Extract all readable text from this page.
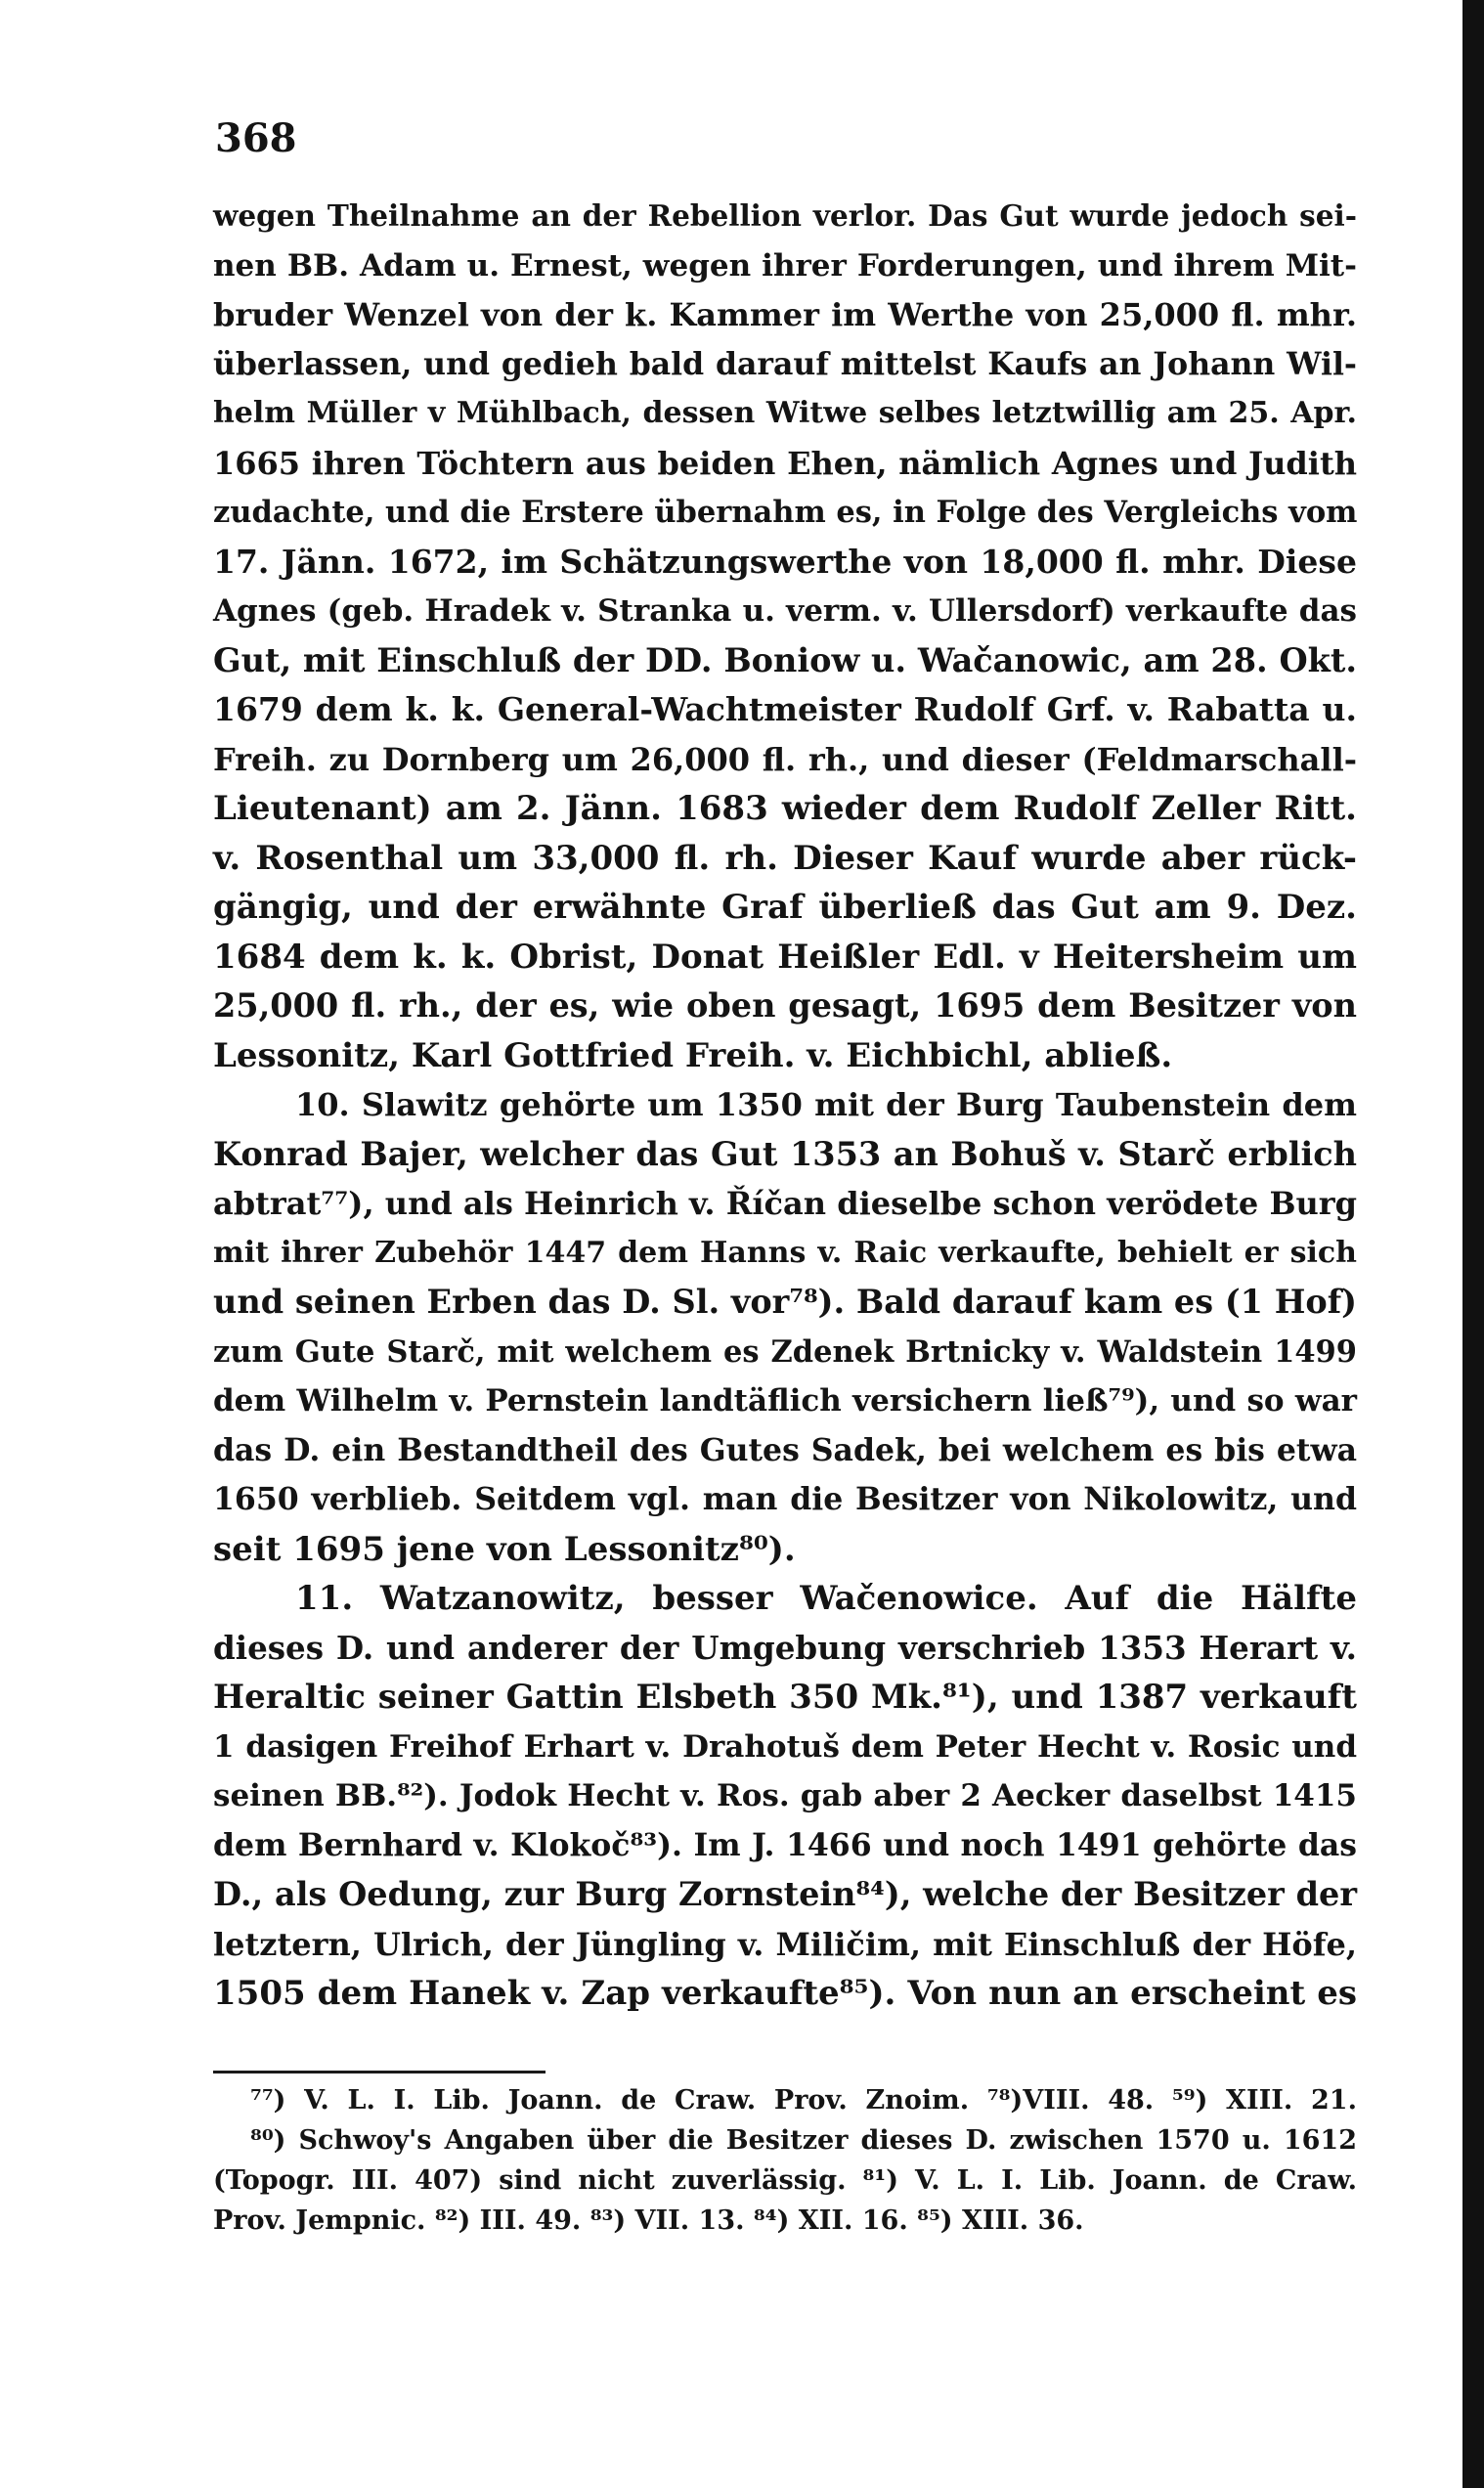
368
wegen Theilnahme an der Rebellion verlor. Das Gut wurde jedoch sei-
nen BB. Adam u. Ernest, wegen ihrer Forderungen, und ihrem Mit-
bruder Wenzel von der k. Kammer im Werthe von 25,000 fl. mhr.
überlassen, und gedieh bald darauf mittelst Kaufs an Johann Wil-
helm Müller v Mühlbach, dessen Witwe selbes letztwillig am 25. Apr.
1665 ihren Töchtern aus beiden Ehen, nämlich Agnes und Judith
zudachte, und die Erstere übernahm es, in Folge des Vergleichs vom
17. Jänn. 1672, im Schätzungswerthe von 18,000 fl. mhr. Diese
Agnes (geb. Hradek v. Stranka u. verm. v. Ullersdorf) verkaufte das
Gut, mit Einschluß der DD. Boniow u. Wačanowic, am 28. Okt.
1679 dem k. k. General-Wachtmeister Rudolf Grf. v. Rabatta u.
Freih. zu Dornberg um 26,000 fl. rh., und dieser (Feldmarschall-
Lieutenant) am 2. Jänn. 1683 wieder dem Rudolf Zeller Ritt.
v. Rosenthal um 33,000 fl. rh. Dieser Kauf wurde aber rück-
gängig, und der erwähnte Graf überließ das Gut am 9. Dez.
1684 dem k. k. Obrist, Donat Heißler Edl. v Heitersheim um
25,000 fl. rh., der es, wie oben gesagt, 1695 dem Besitzer von
Lessonitz, Karl Gottfried Freih. v. Eichbichl, abließ.
10. Slawitz gehörte um 1350 mit der Burg Taubenstein dem
Konrad Bajer, welcher das Gut 1353 an Bohuš v. Starč erblich
abtrat⁷⁷), und als Heinrich v. Říčan dieselbe schon verödete Burg
mit ihrer Zubehör 1447 dem Hanns v. Raic verkaufte, behielt er sich
und seinen Erben das D. Sl. vor⁷⁸). Bald darauf kam es (1 Hof)
zum Gute Starč, mit welchem es Zdenek Brtnicky v. Waldstein 1499
dem Wilhelm v. Pernstein landtäflich versichern ließ⁷⁹), und so war
das D. ein Bestandtheil des Gutes Sadek, bei welchem es bis etwa
1650 verblieb. Seitdem vgl. man die Besitzer von Nikolowitz, und
seit 1695 jene von Lessonitz⁸⁰).
11. Watzanowitz, besser Wačenowice. Auf die Hälfte
dieses D. und anderer der Umgebung verschrieb 1353 Herart v.
Heraltic seiner Gattin Elsbeth 350 Mk.⁸¹), und 1387 verkauft
1 dasigen Freihof Erhart v. Drahotuš dem Peter Hecht v. Rosic und
seinen BB.⁸²). Jodok Hecht v. Ros. gab aber 2 Aecker daselbst 1415
dem Bernhard v. Klokoč⁸³). Im J. 1466 und noch 1491 gehörte das
D., als Oedung, zur Burg Zornstein⁸⁴), welche der Besitzer der
letztern, Ulrich, der Jüngling v. Miličim, mit Einschluß der Höfe,
1505 dem Hanek v. Zap verkaufte⁸⁵). Von nun an erscheint es
⁷⁷) V. L. I. Lib. Joann. de Craw. Prov. Znoim. ⁷⁸)VIII. 48. ⁵⁹) XIII. 21.
⁸⁰) Schwoy's Angaben über die Besitzer dieses D. zwischen 1570 u. 1612
(Topogr. III. 407) sind nicht zuverlässig. ⁸¹) V. L. I. Lib. Joann. de Craw.
Prov. Jempnic. ⁸²) III. 49. ⁸³) VII. 13. ⁸⁴) XII. 16. ⁸⁵) XIII. 36.
